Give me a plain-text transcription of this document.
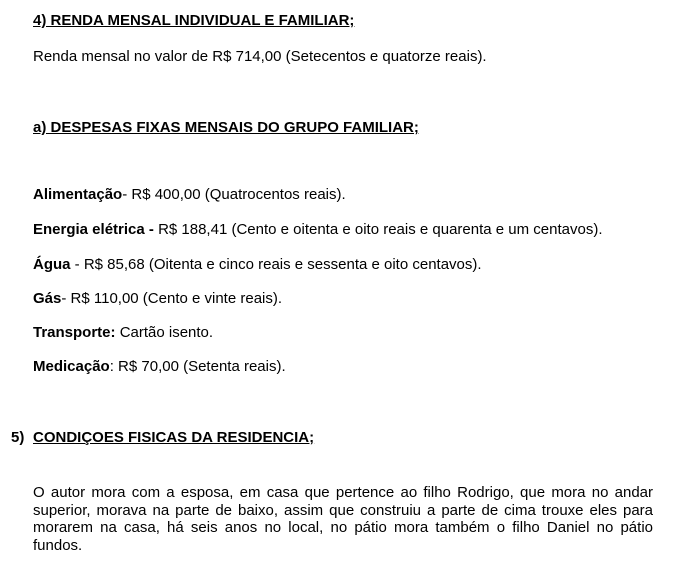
4) RENDA MENSAL INDIVIDUAL E FAMILIAR;
Renda mensal no valor de R$ 714,00 (Setecentos e quatorze reais).
a) DESPESAS FIXAS MENSAIS DO GRUPO FAMILIAR;
Alimentação- R$ 400,00 (Quatrocentos reais).
Energia elétrica - R$ 188,41 (Cento e oitenta e oito reais e quarenta e um centavos).
Água - R$ 85,68 (Oitenta e cinco reais e sessenta e oito centavos).
Gás- R$ 110,00 (Cento e vinte reais).
Transporte: Cartão isento.
Medicação: R$ 70,00 (Setenta reais).
5) CONDIÇOES FISICAS DA RESIDENCIA;
O autor mora com a esposa, em casa que pertence ao filho Rodrigo, que mora no andar
superior, morava na parte de baixo, assim que construiu a parte de cima trouxe eles para
morarem na casa, há seis anos no local, no pátio mora também o filho Daniel no pátio
fundos.
